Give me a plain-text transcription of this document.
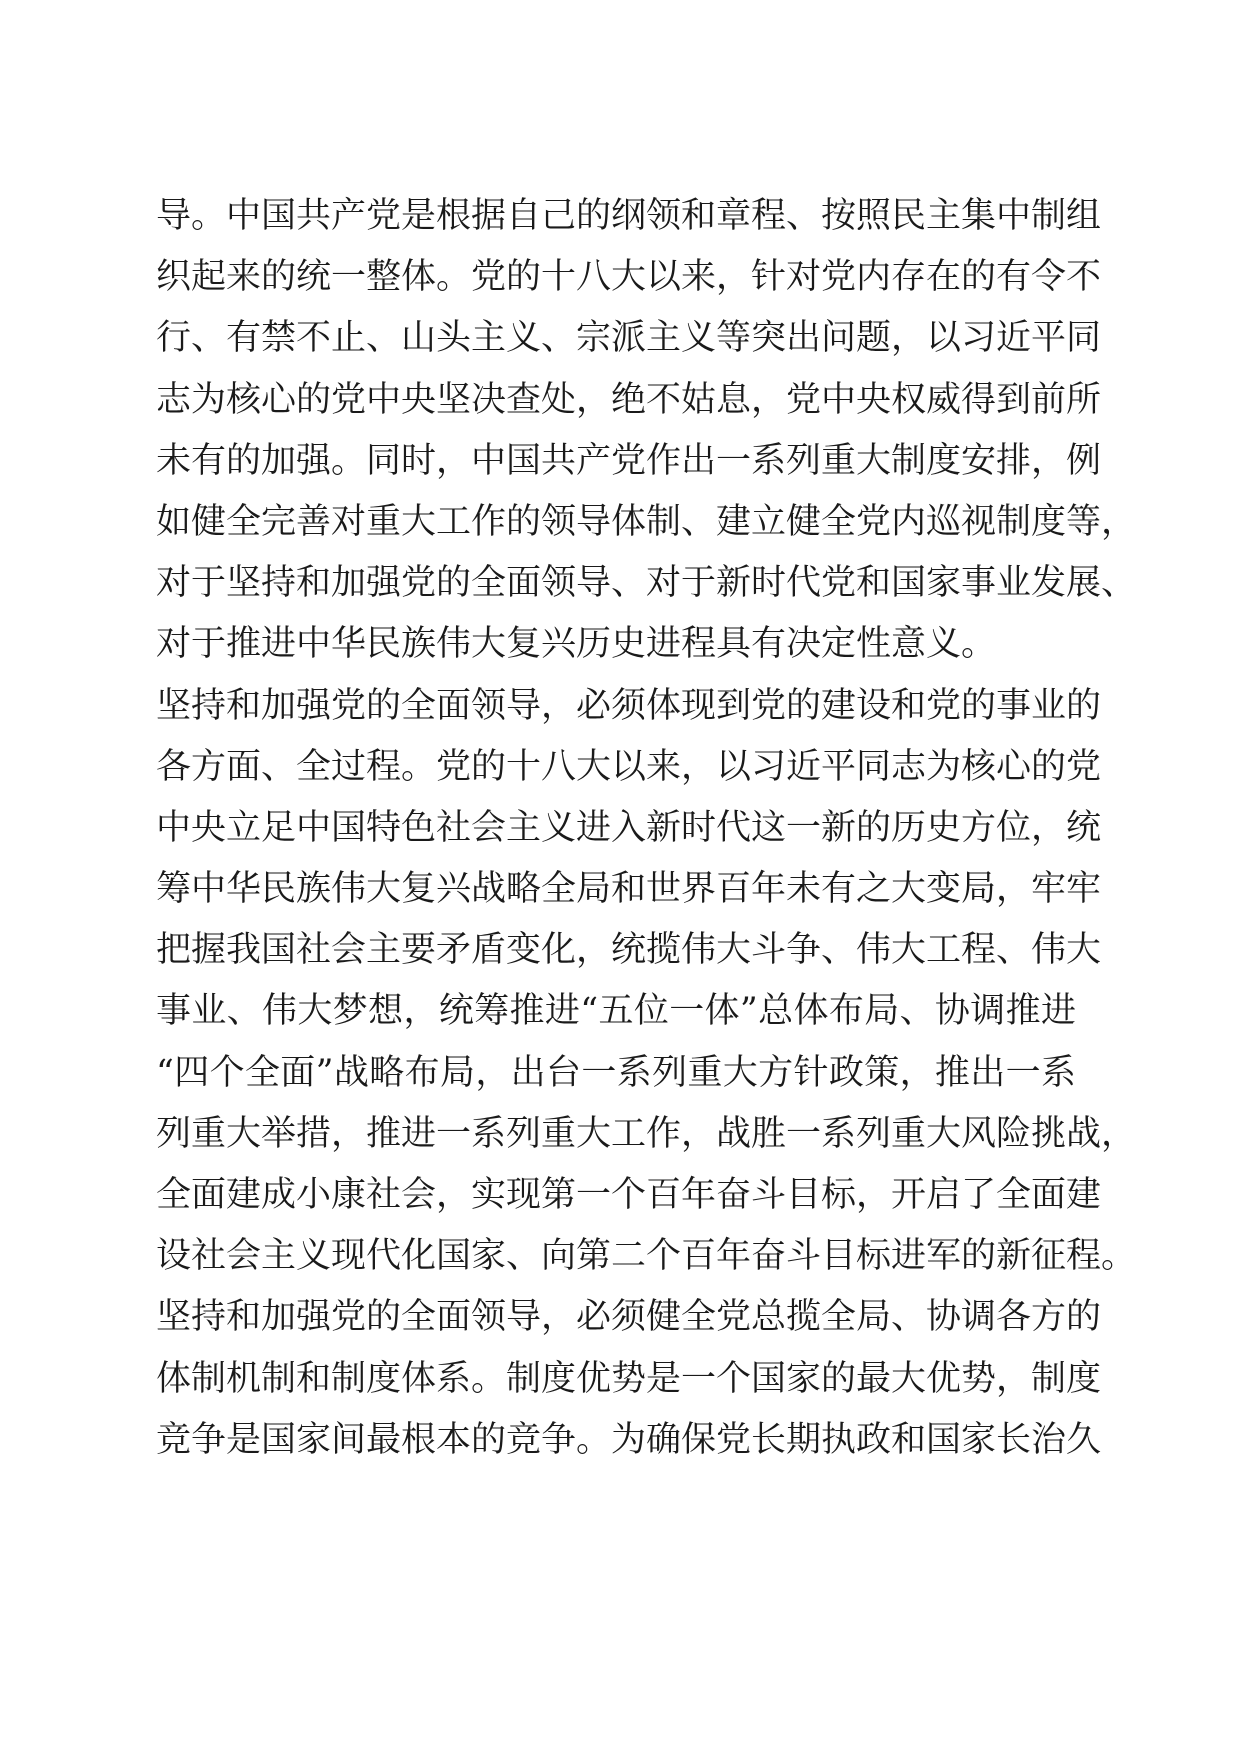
导。中国共产党是根据自己的纲领和章程、按照民主集中制组
织起来的统一整体。党的十八大以来，针对党内存在的有令不
行、有禁不止、山头主义、宗派主义等突出问题，以习近平同
志为核心的党中央坚决查处，绝不姑息，党中央权威得到前所
未有的加强。同时，中国共产党作出一系列重大制度安排，例
如健全完善对重大工作的领导体制、建立健全党内巡视制度等，
对于坚持和加强党的全面领导、对于新时代党和国家事业发展、
对于推进中华民族伟大复兴历史进程具有决定性意义。
坚持和加强党的全面领导，必须体现到党的建设和党的事业的
各方面、全过程。党的十八大以来，以习近平同志为核心的党
中央立足中国特色社会主义进入新时代这一新的历史方位，统
筹中华民族伟大复兴战略全局和世界百年未有之大变局，牢牢
把握我国社会主要矛盾变化，统揽伟大斗争、伟大工程、伟大
事业、伟大梦想，统筹推进“五位一体”总体布局、协调推进
“四个全面”战略布局，出台一系列重大方针政策，推出一系
列重大举措，推进一系列重大工作，战胜一系列重大风险挑战，
全面建成小康社会，实现第一个百年奋斗目标，开启了全面建
设社会主义现代化国家、向第二个百年奋斗目标进军的新征程。
坚持和加强党的全面领导，必须健全党总揽全局、协调各方的
体制机制和制度体系。制度优势是一个国家的最大优势，制度
竞争是国家间最根本的竞争。为确保党长期执政和国家长治久
